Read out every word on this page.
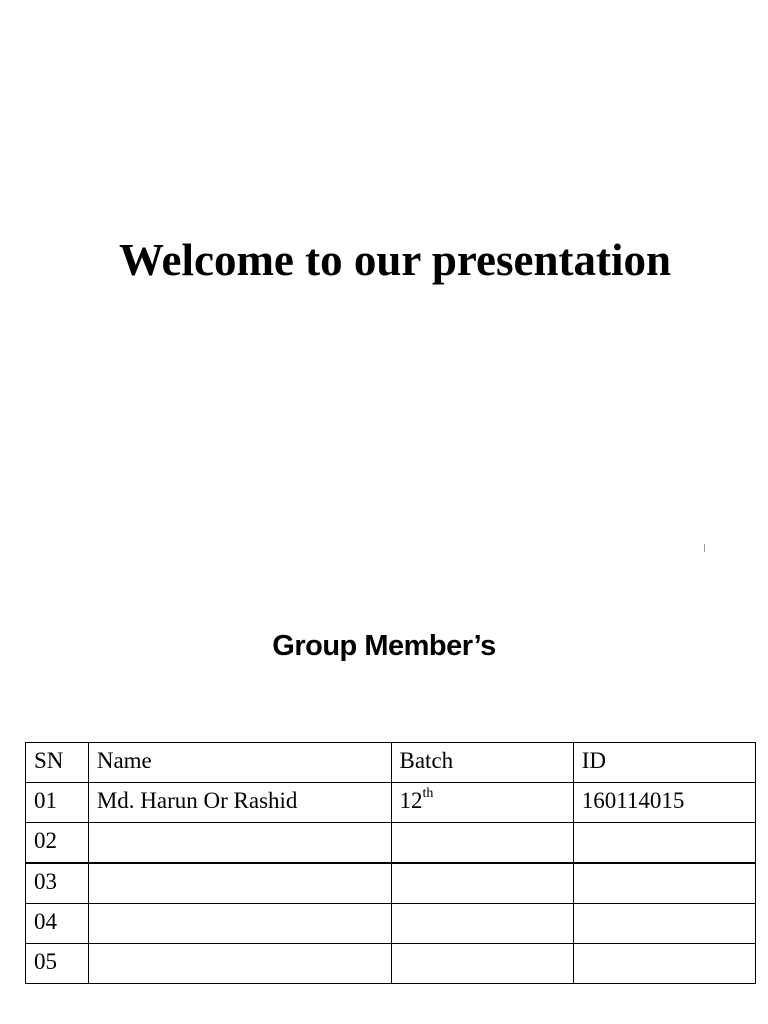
Welcome to our presentation
Group Member’s
SN	Name	Batch	ID
01	Md. Harun Or Rashid	12th	160114015
02			
03			
04			
05			
